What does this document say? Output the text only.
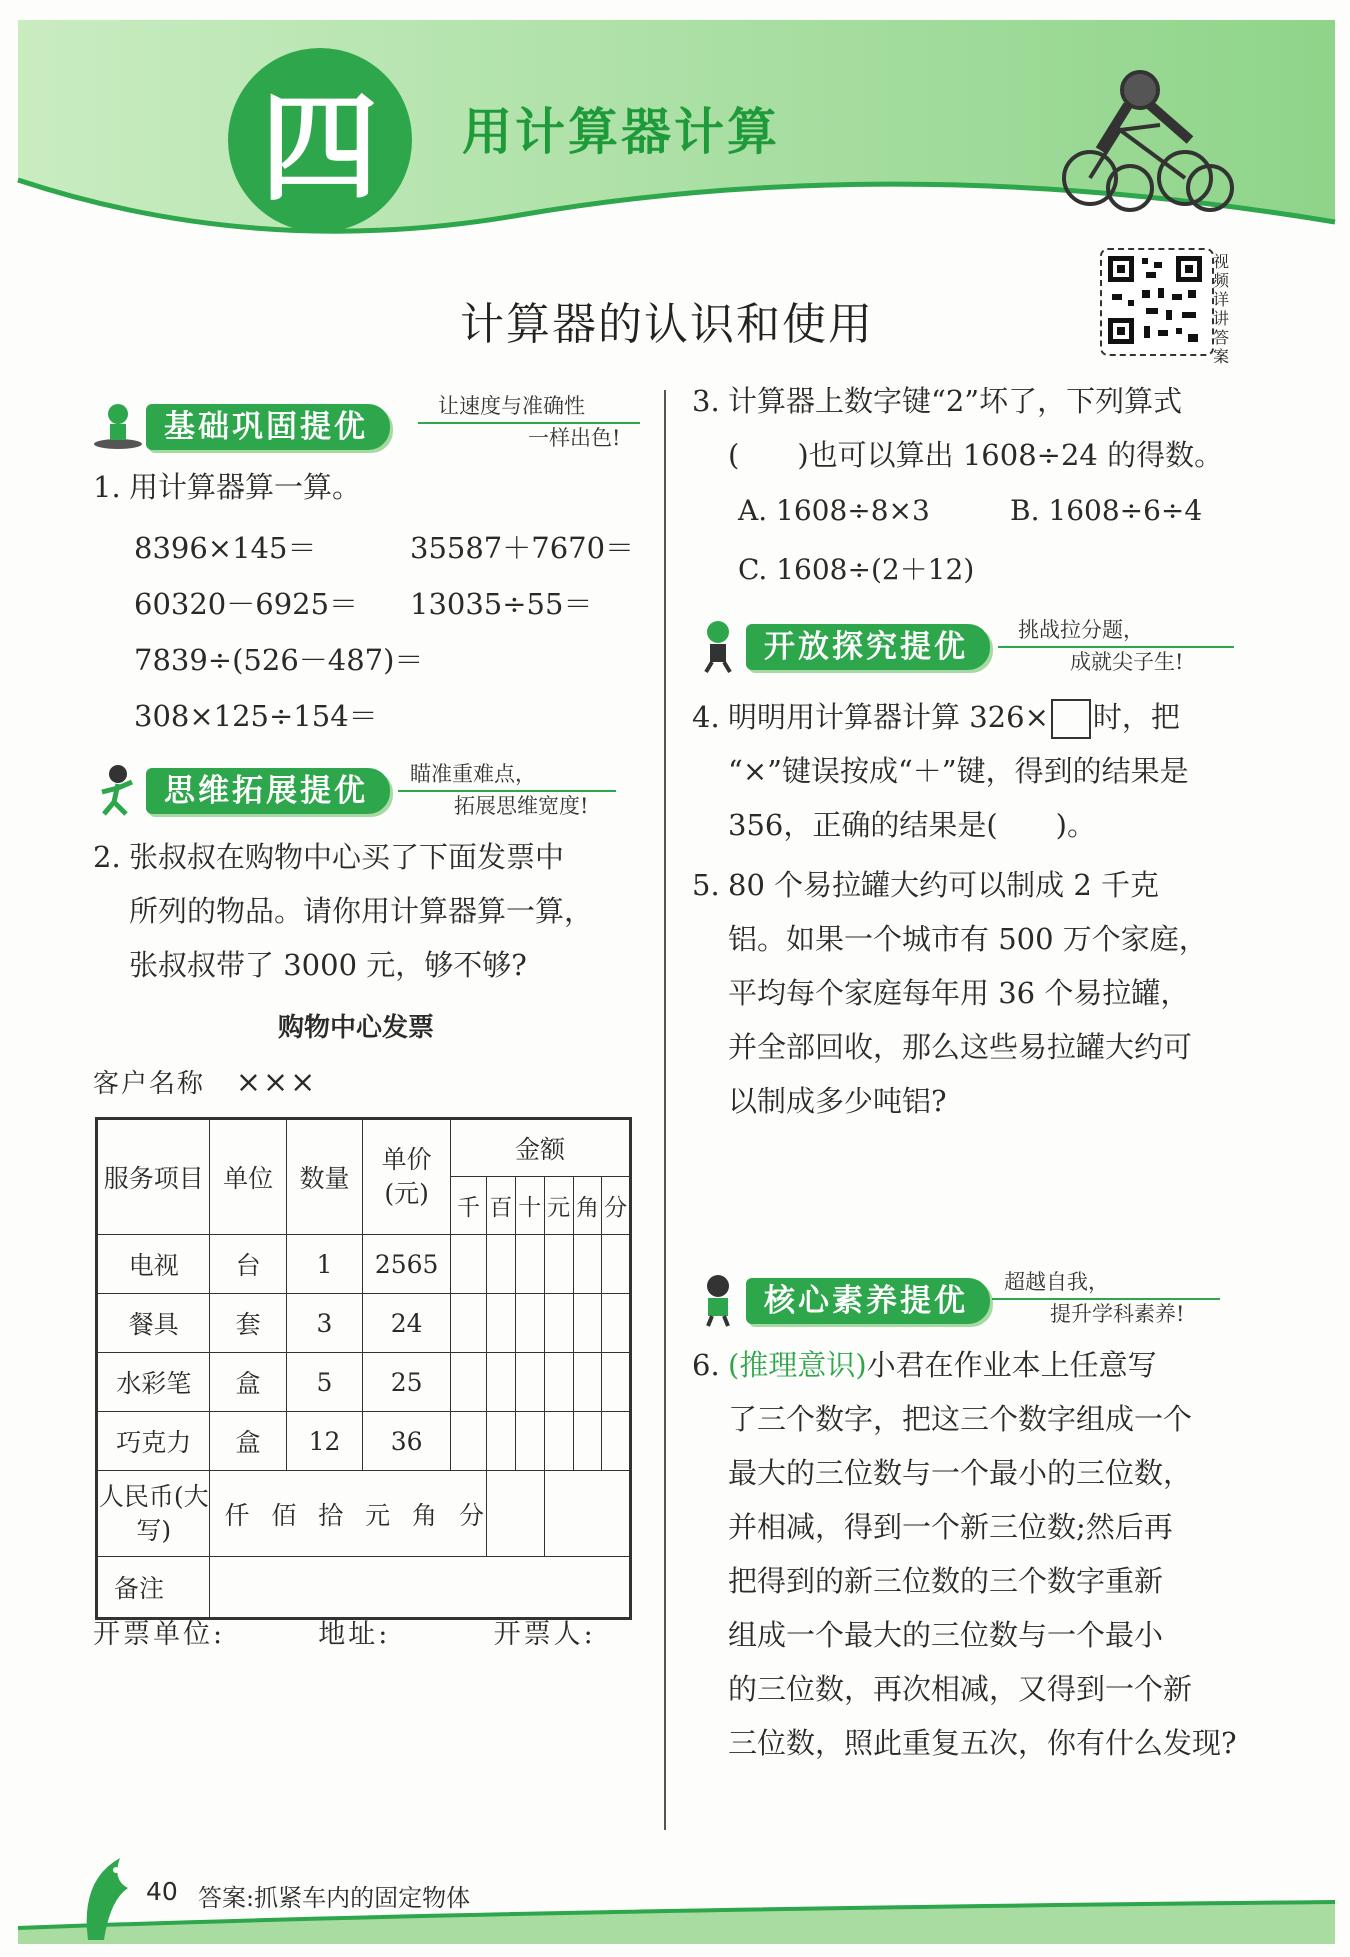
四	用计算器计算
计算器的认识和使用
视频详讲答案
基础巩固提优
让速度与准确性
一样出色!
1. 用计算器算一算。
8396×145＝	35587＋7670＝
60320－6925＝ 13035÷55＝
7839÷(526－487)＝
308×125÷154＝
思维拓展提优	瞄准重难点，
拓展思维宽度!
2. 张叔叔在购物中心买了下面发票中
所列的物品。请你用计算器算一算，
张叔叔带了 3000 元，够不够?
购物中心发票
客户名称 ×××
服务项目	单位	数量	单价(元)	金额					
				千	百	十	元	角	分
电视	台	1	2565						
餐具	套	3	24						
水彩笔	盒	5	25						
巧克力	盒	12	36						
人民币(大写)	仟  佰  拾  元  角  分								
备注									
开票单位:	地址:	开票人:
3. 计算器上数字键“2”坏了，下列算式
(　　)也可以算出 1608÷24 的得数。
A. 1608÷8×3	B. 1608÷6÷4
C. 1608÷(2＋12)
开放探究提优	挑战拉分题，
成就尖子生!
4. 明明用计算器计算 326× 时，把
“×”键误按成“＋”键，得到的结果是
356，正确的结果是(　　)。
5. 80 个易拉罐大约可以制成 2 千克
铝。如果一个城市有 500 万个家庭，
平均每个家庭每年用 36 个易拉罐，
并全部回收，那么这些易拉罐大约可
以制成多少吨铝?
核心素养提优
超越自我，
提升学科素养!
6. (推理意识)小君在作业本上任意写
了三个数字，把这三个数字组成一个
最大的三位数与一个最小的三位数，
并相减，得到一个新三位数;然后再
把得到的新三位数的三个数字重新
组成一个最大的三位数与一个最小
的三位数，再次相减，又得到一个新
三位数，照此重复五次，你有什么发现?
40 答案:抓紧车内的固定物体
